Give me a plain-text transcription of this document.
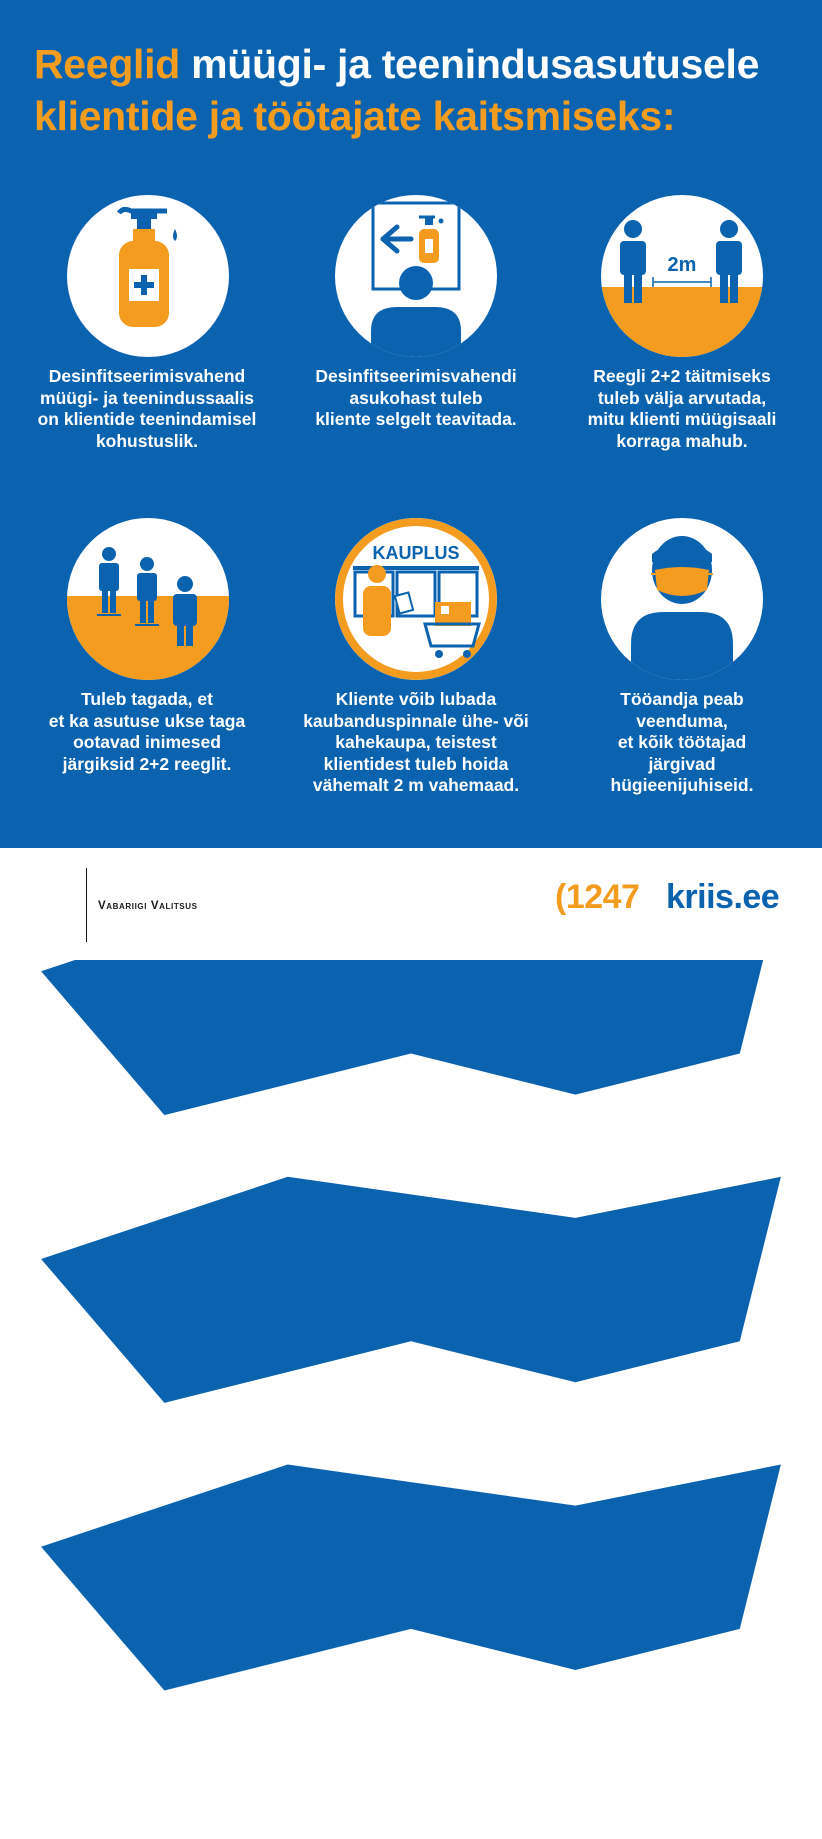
Reeglid müügi- ja teenindusasutusele
klientide ja töötajate kaitsmiseks:
Desinfitseerimisvahend
müügi- ja teenindussaalis
on klientide teenindamisel
kohustuslik.
Desinfitseerimisvahendi
asukohast tuleb
kliente selgelt teavitada.
2m
Reegli 2+2 täitmiseks
tuleb välja arvutada,
mitu klienti müügisaali
korraga mahub.
Tuleb tagada, et
et ka asutuse ukse taga
ootavad inimesed
järgiksid 2+2 reeglit.
KAUPLUS
Kliente võib lubada
kaubanduspinnale ühe- või
kahekaupa, teistest
klientidest tuleb hoida
vähemalt 2 m vahemaad.
Tööandja peab
veenduma,
et kõik töötajad
järgivad
hügieenijuhiseid.
Vabariigi Valitsus	(1247 kriis.ee
